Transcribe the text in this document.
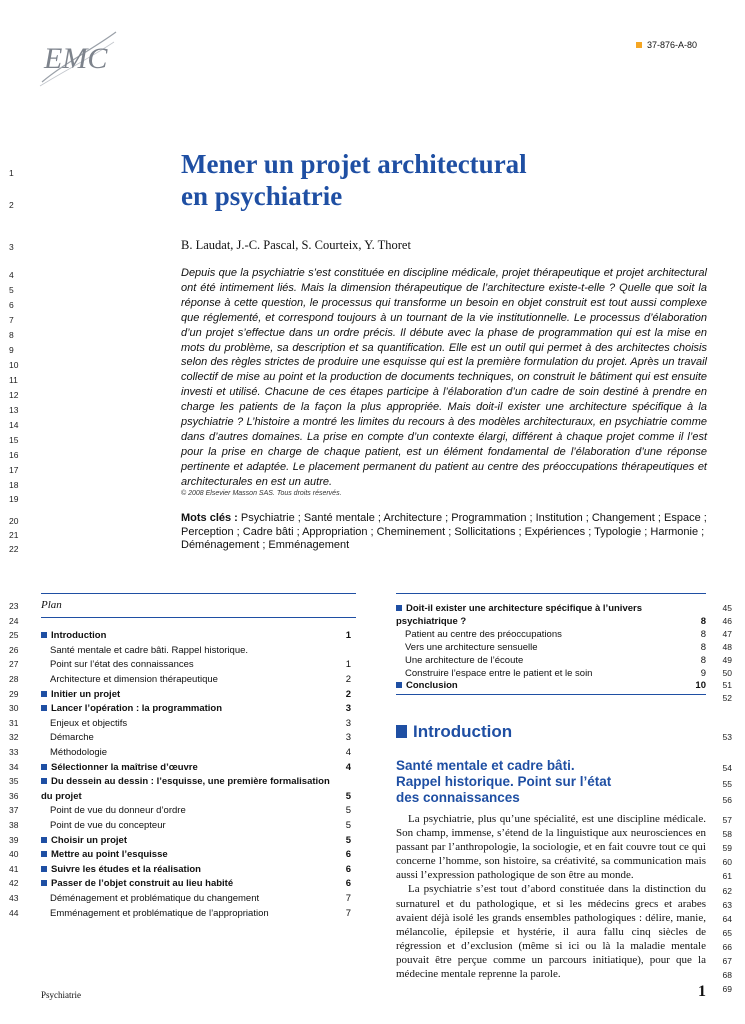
EMC	37-876-A-80
1
2
3
4
5
6
7
8
9
10
11
12
13
14
15
16
17
18
19
20
21
22
Mener un projet architectural
en psychiatrie
B. Laudat, J.-C. Pascal, S. Courteix, Y. Thoret

Depuis que la psychiatrie s’est constituée en discipline médicale, projet thérapeutique et projet architectural ont été intimement liés. Mais la dimension thérapeutique de l’architecture existe-t-elle ? Quelle que soit la réponse à cette question, le processus qui transforme un besoin en objet construit est tout aussi complexe que réglementé, et correspond toujours à un tournant de la vie institutionnelle. Le processus d’élaboration d’un projet s’effectue dans un ordre précis. Il débute avec la phase de programmation qui est la mise en mots du problème, sa description et sa quantification. Elle est un outil qui permet à des architectes choisis selon des règles strictes de produire une esquisse qui est la première formulation du projet. Après un travail collectif de mise au point et la production de documents techniques, on construit le bâtiment qui est ensuite investi et utilisé. Chacune de ces étapes participe à l’élaboration d’un cadre de soin destiné à prendre en charge les patients de la façon la plus appropriée. Mais doit-il exister une architecture spécifique à la psychiatrie ? L’histoire a montré les limites du recours à des modèles architecturaux, en psychiatrie comme dans d’autres domaines. La prise en compte d’un contexte élargi, différent à chaque projet comme il l’est pour la prise en charge de chaque patient, est un élément fondamental de l’élaboration d’une réponse pertinente et adaptée. Le placement permanent du patient au centre des préoccupations thérapeutiques et architecturales en est un autre.

© 2008 Elsevier Masson SAS. Tous droits réservés.
Mots clés : Psychiatrie ; Santé mentale ; Architecture ; Programmation ; Institution ; Changement ; Espace ; Perception ; Cadre bâti ; Appropriation ; Cheminement ; Sollicitations ; Expériences ; Typologie ; Harmonie ; Déménagement ; Emménagement
Plan
23
24
25	Introduction	1
26	Santé mentale et cadre bâti. Rappel historique.
27	Point sur l’état des connaissances	1
28	Architecture et dimension thérapeutique	2
29	Initier un projet	2
30	Lancer l’opération : la programmation	3
31	Enjeux et objectifs	3
32	Démarche	3
33	Méthodologie	4
34	Sélectionner la maîtrise d’œuvre	4
35	Du dessein au dessin : l’esquisse, une première formalisation
36 du projet	5
37	Point de vue du donneur d’ordre	5
38	Point de vue du concepteur	5
39	Choisir un projet	5
40	Mettre au point l’esquisse	6
41	Suivre les études et la réalisation	6
42	Passer de l’objet construit au lieu habité	6
43	Déménagement et problématique du changement	7
44	Emménagement et problématique de l’appropriation	7
45
Doit-il exister une architecture spécifique à l’univers
46
psychiatrique ?	8
47
Patient au centre des préoccupations	8
48
Vers une architecture sensuelle	8
49
Une architecture de l’écoute	8
50
Construire l’espace entre le patient et le soin	9
51
Conclusion	10
52
Introduction
Santé mentale et cadre bâti.
Rappel historique. Point sur l’état
des connaissances

La psychiatrie, plus qu’une spécialité, est une discipline médicale. Son champ, immense, s’étend de la linguistique aux neurosciences en passant par l’anthropologie, la sociologie, et en fait couvre tout ce qui concerne l’homme, son histoire, sa créativité, sa communication mais aussi l’expression pathologique de son être au monde.

La psychiatrie s’est tout d’abord constituée dans la distinction du surnaturel et du pathologique, et si les médecins grecs et arabes avaient déjà isolé les grands ensembles pathologiques : délire, manie, mélancolie, épilepsie et hystérie, il aura fallu cinq siècles de régression et d’exclusion (même si ici ou là la maladie mentale pouvait être perçue comme un parcours initiatique), pour que la médecine mentale reprenne la parole.

53
54
55
56
57
58
59
60
61
62
63
64
65
66
67
68
69
Psychiatrie	1
